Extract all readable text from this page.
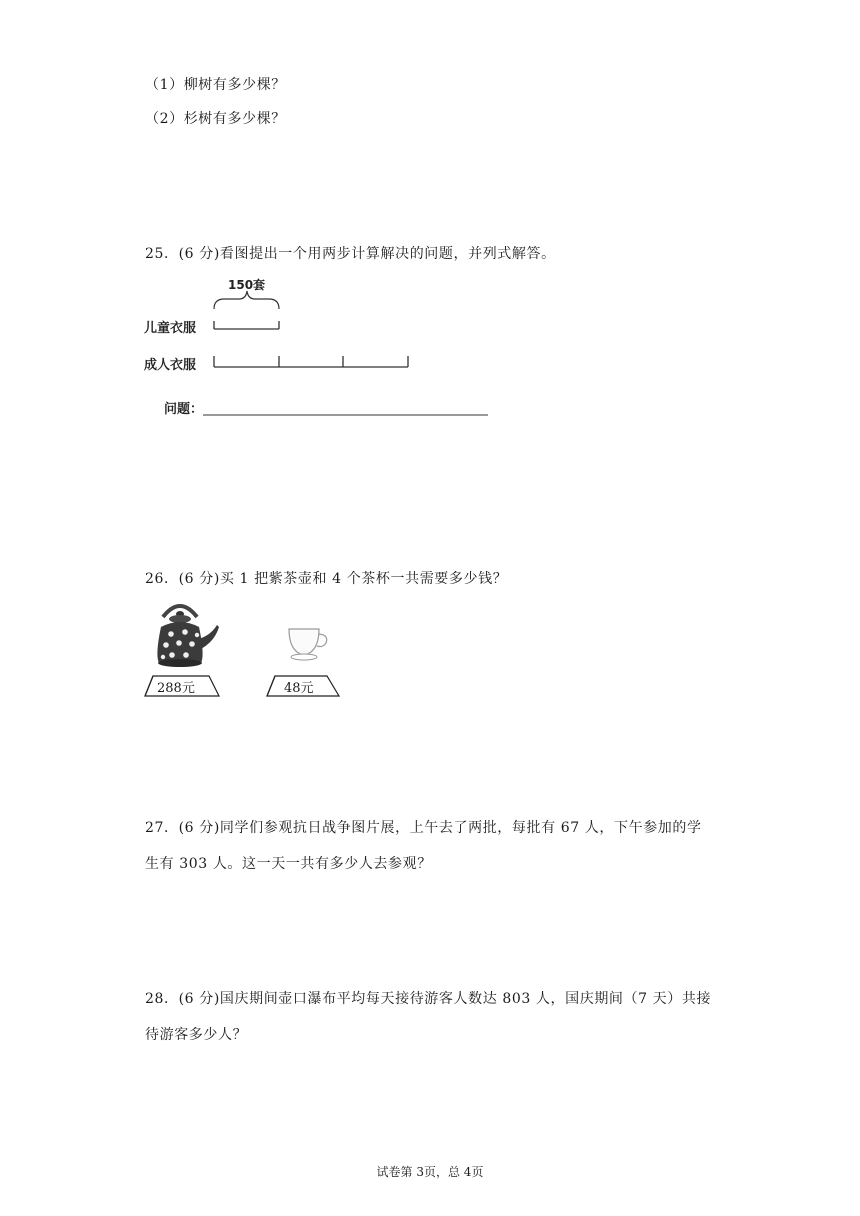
（1）柳树有多少棵？
（2）杉树有多少棵？
25．(6 分)看图提出一个用两步计算解决的问题，并列式解答。
150套
儿童衣服
成人衣服
问题：
26．(6 分)买 1 把紫茶壶和 4 个茶杯一共需要多少钱？
288元	48元
27．(6 分)同学们参观抗日战争图片展，上午去了两批，每批有 67 人，下午参加的学
生有 303 人。这一天一共有多少人去参观？
28．(6 分)国庆期间壶口瀑布平均每天接待游客人数达 803 人，国庆期间（7 天）共接
待游客多少人？
试卷第 3页，总 4页
